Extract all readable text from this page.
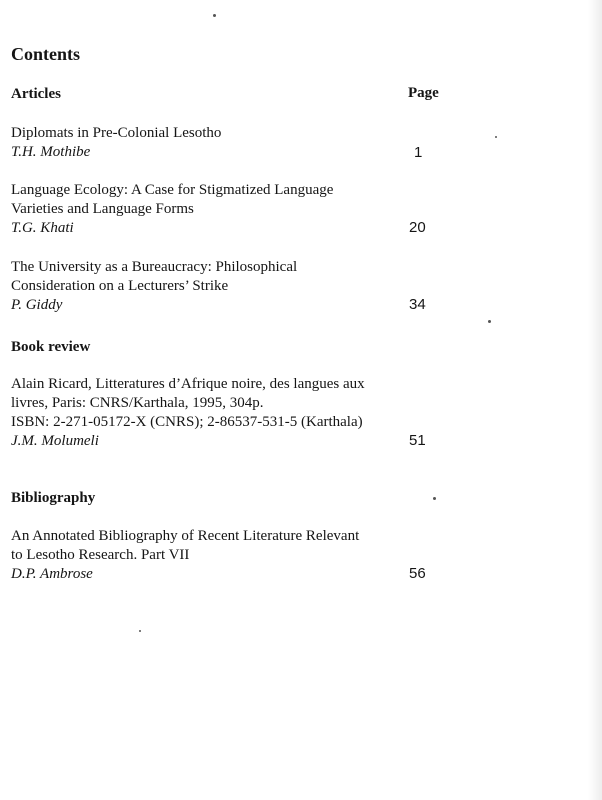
Contents
Articles	Page
Diplomats in Pre-Colonial Lesotho
T.H. Mothibe	1
Language Ecology: A Case for Stigmatized Language
Varieties and Language Forms
T.G. Khati	20
The University as a Bureaucracy: Philosophical
Consideration on a Lecturers’ Strike
P. Giddy	34
Book review
Alain Ricard, Litteratures d’Afrique noire, des langues aux
livres, Paris: CNRS/Karthala, 1995, 304p.
ISBN: 2-271-05172-X (CNRS); 2-86537-531-5 (Karthala)
J.M. Molumeli	51
Bibliography
An Annotated Bibliography of Recent Literature Relevant
to Lesotho Research. Part VII
D.P. Ambrose	56
